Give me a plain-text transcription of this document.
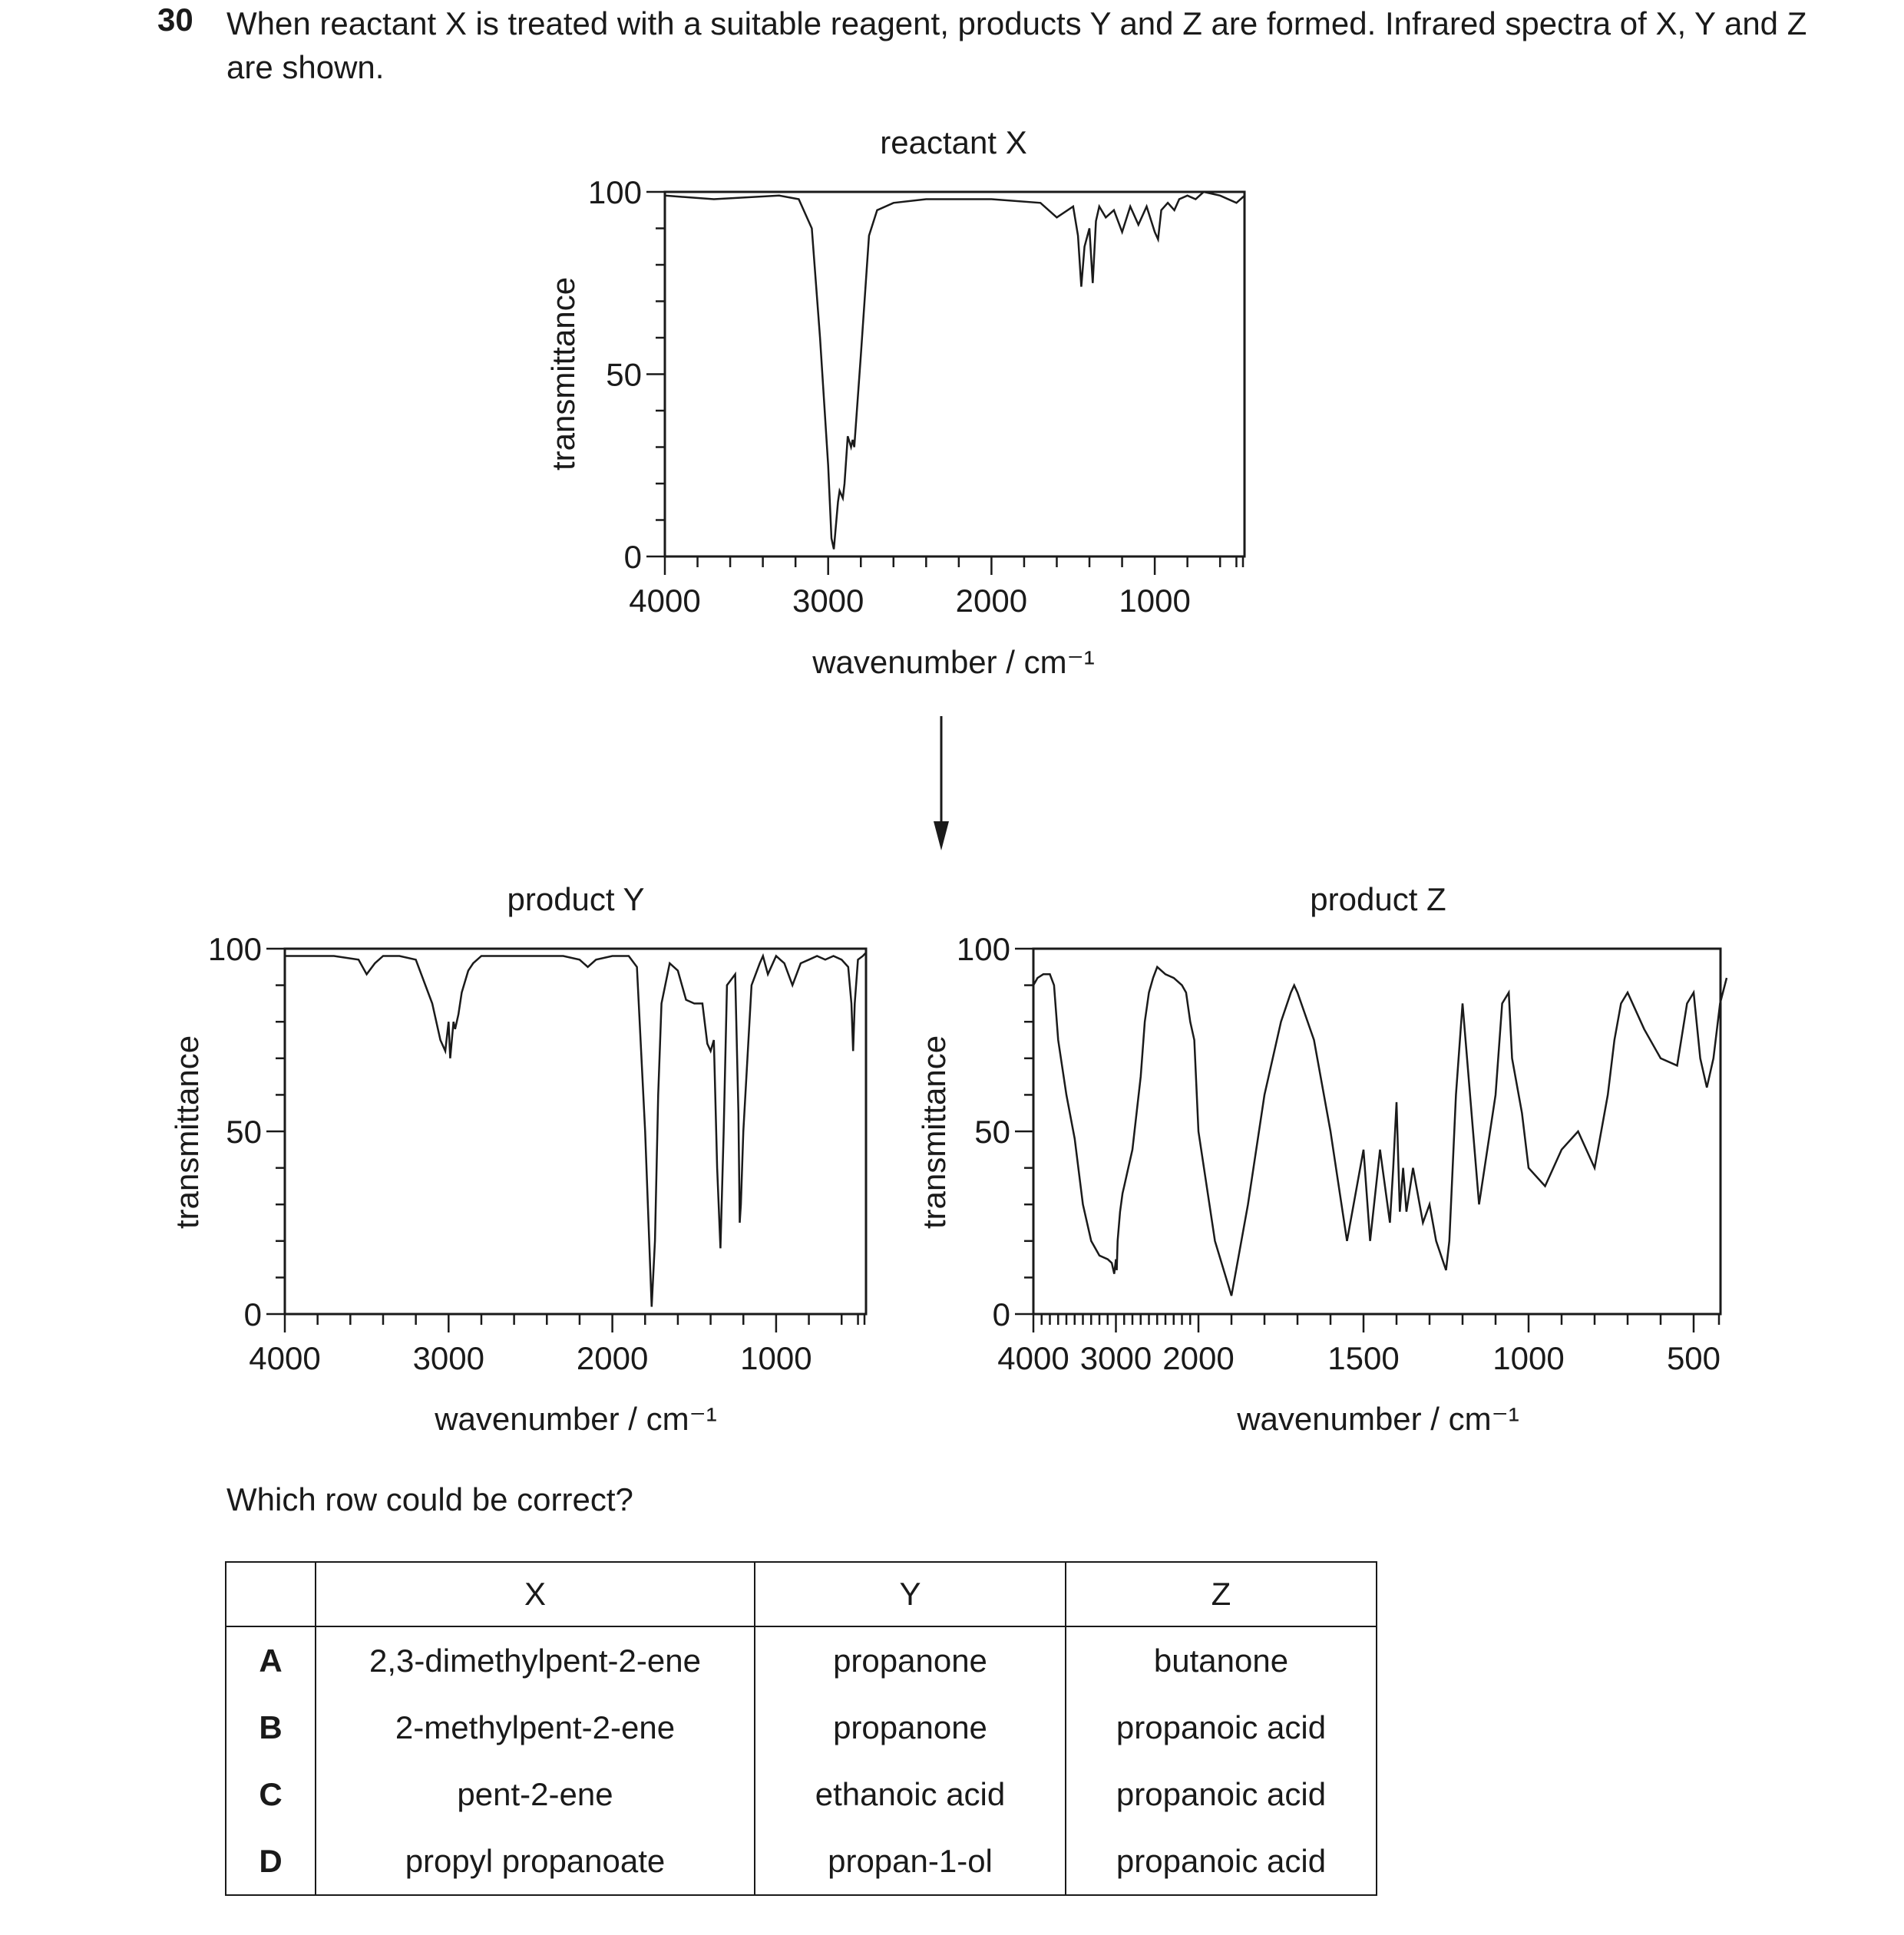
30 When reactant X is treated with a suitable reagent, products Y and Z are formed. Infrared spectra of X, Y and Z are shown.

reactant X
transmittance
wavenumber / cm⁻¹
0
50
100
4000	3000	2000	1000
product Y
transmittance
wavenumber / cm⁻¹
0
50
100
4000	3000	2000	1000
product Z
transmittance
wavenumber / cm⁻¹
0
50
100
4000 3000 2000	1500	1000	500

Which row could be correct?

	X	Y	Z
A	2,3-dimethylpent-2-ene	propanone	butanone
B	2-methylpent-2-ene	propanone	propanoic acid
C	pent-2-ene	ethanoic acid	propanoic acid
D	propyl propanoate	propan-1-ol	propanoic acid
